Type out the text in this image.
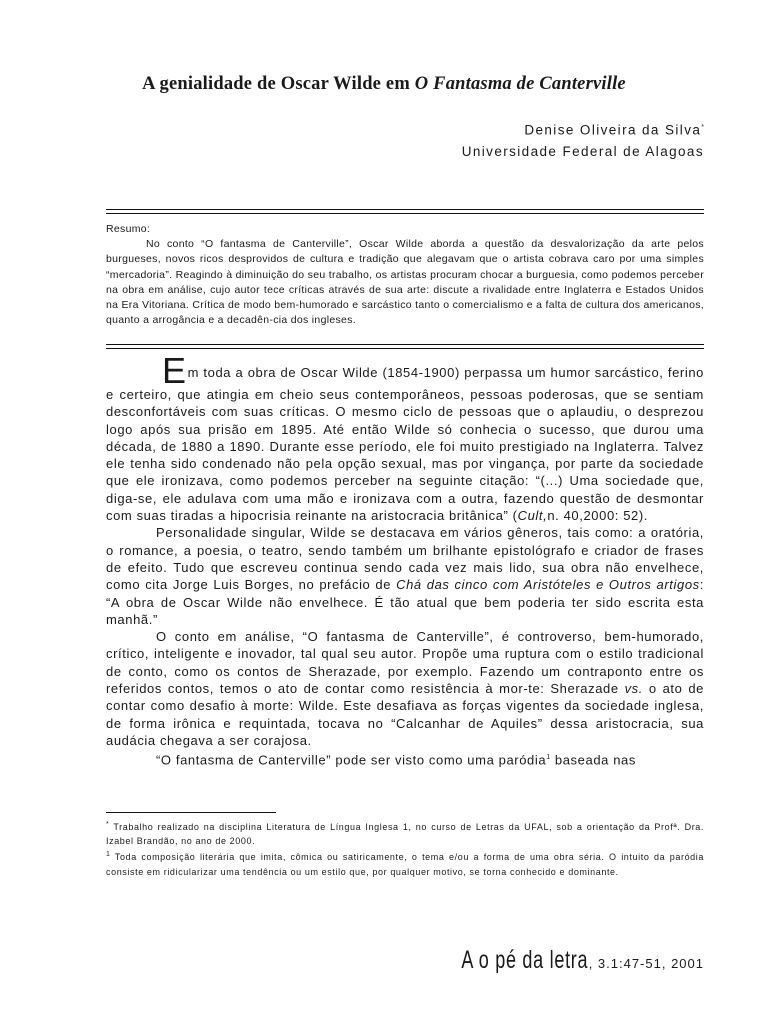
A genialidade de Oscar Wilde em O Fantasma de Canterville
Denise Oliveira da Silva*
Universidade Federal de Alagoas
Resumo:
No conto “O fantasma de Canterville”, Oscar Wilde aborda a questão da desvalorização da arte pelos burgueses, novos ricos desprovidos de cultura e tradição que alegavam que o artista cobrava caro por uma simples “mercadoria”. Reagindo à diminuição do seu trabalho, os artistas procuram chocar a burguesia, como podemos perceber na obra em análise, cujo autor tece críticas através de sua arte: discute a rivalidade entre Inglaterra e Estados Unidos na Era Vitoriana. Crítica de modo bem-humorado e sarcástico tanto o comercialismo e a falta de cultura dos americanos, quanto a arrogância e a decadên-cia dos ingleses.

Em toda a obra de Oscar Wilde (1854-1900) perpassa um humor sarcástico, ferino e certeiro, que atingia em cheio seus contemporâneos, pessoas poderosas, que se sentiam desconfortáveis com suas críticas. O mesmo ciclo de pessoas que o aplaudiu, o desprezou logo após sua prisão em 1895. Até então Wilde só conhecia o sucesso, que durou uma década, de 1880 a 1890. Durante esse período, ele foi muito prestigiado na Inglaterra. Talvez ele tenha sido condenado não pela opção sexual, mas por vingança, por parte da sociedade que ele ironizava, como podemos perceber na seguinte citação: “(...) Uma sociedade que, diga-se, ele adulava com uma mão e ironizava com a outra, fazendo questão de desmontar com suas tiradas a hipocrisia reinante na aristocracia britânica” (Cult,n. 40,2000: 52).

Personalidade singular, Wilde se destacava em vários gêneros, tais como: a oratória, o romance, a poesia, o teatro, sendo também um brilhante epistológrafo e criador de frases de efeito. Tudo que escreveu continua sendo cada vez mais lido, sua obra não envelhece, como cita Jorge Luis Borges, no prefácio de Chá das cinco com Aristóteles e Outros artigos: “A obra de Oscar Wilde não envelhece. É tão atual que bem poderia ter sido escrita esta manhã.”

O conto em análise, “O fantasma de Canterville”, é controverso, bem-humorado, crítico, inteligente e inovador, tal qual seu autor. Propõe uma ruptura com o estilo tradicional de conto, como os contos de Sherazade, por exemplo. Fazendo um contraponto entre os referidos contos, temos o ato de contar como resistência à mor-te: Sherazade vs. o ato de contar como desafio à morte: Wilde. Este desafiava as forças vigentes da sociedade inglesa, de forma irônica e requintada, tocava no “Calcanhar de Aquiles” dessa aristocracia, sua audácia chegava a ser corajosa.

“O fantasma de Canterville” pode ser visto como uma paródia$^1$ baseada nas

* Trabalho realizado na disciplina Literatura de Língua Inglesa 1, no curso de Letras da UFAL, sob a orientação da Profª. Dra. Izabel Brandão, no ano de 2000.

$^1$ Toda composição literária que imita, cômica ou satiricamente, o tema e/ou a forma de uma obra séria. O intuito da paródia consiste em ridicularizar uma tendência ou um estilo que, por qualquer motivo, se torna conhecido e dominante.

A o pé da letra, 3.1:47-51, 2001
